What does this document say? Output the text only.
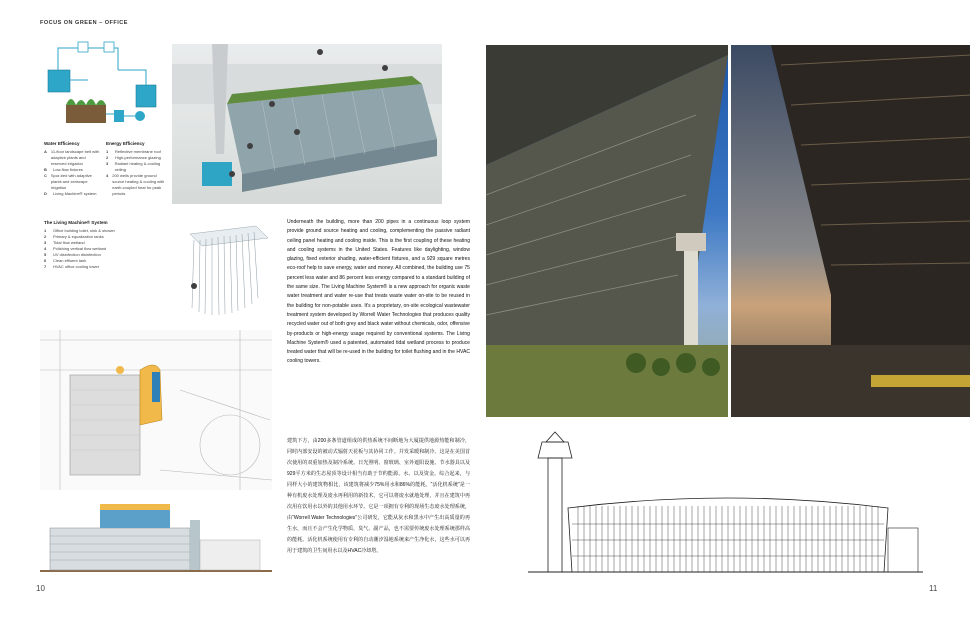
FOCUS ON GREEN – OFFICE
10	11
Water Efficiency
A 11-floor landscape belt with adaptive plants and reserved irrigation
B	Low-flow fixtures
C Spur-bed with adaptive plants and xeriscape irrigation
D	Living Machine® system
Energy Efficiency
1	Reflective membrane roof
2	High-performance glazing
3	Radiant heating & cooling ceiling
4 200 wells provide ground source heating & cooling with earth-coupled heat for peak periods
The Living Machine® System
1	Office building toilet, sink & shower
2	Primary & equalization tanks
3	Tidal flow wetland
4	Polishing vertical flow wetland
5	UV disinfection disinfection
6	Clean effluent tank
7	HVAC office cooling tower
Underneath the building, more than 200 pipes in a continuous loop system provide ground source heating and cooling, complementing the passive radiant ceiling panel heating and cooling inside. This is the first coupling of these heating and cooling systems in the United States. Features like daylighting, window glazing, fixed exterior shading, water-efficient fixtures, and a 929 square metres eco-roof help to save energy, water and money. All combined, the building use 75 percent less water and 86 percent less energy compared to a standard building of the same size. The Living Machine System® is a new approach for organic waste water treatment and water re-use that treats waste water on-site to be reused in the building for non-potable uses. It's a proprietary, on-site ecological wastewater treatment system developed by Worrell Water Technologies that produces quality recycled water out of both grey and black water without chemicals, odor, offensive by-products or high-energy usage required by conventional systems. The Living Machine System® used a patented, automated tidal wetland process to produce treated water that will be re-used in the building for toilet flushing and in the HVAC cooling towers.
建筑下方，由200多条管道组成的供热系统不间断地为大厦提供地源热能和制冷，同时内部安设的被动式辐射天花板与其协同工作。并发采暖和制冷。这是在美国首次使用的双重加热及制冷系统。日光照明、窗玻璃、室外遮阳设施、节水器具以及929平方米的生态屋顶等设计相当有助于节约能源、水、以及资金。综合起来，与同样大小的建筑物相比，该建筑将减少75%用水和86%的能耗。“活化机系统”是一种有机废水处理及废水再利用的新技术，它可以将废水就地处理，并且在建筑中再次用在饮用水以外的其他用水环节。它是一项拥有专利的现场生态废水处理系统，由“Worrell Water Technologies”公司研发，它能从灰水和黑水中产生出高质量的再生水，而且不会产生化学物质、臭气、副产品，也不需要传统废水处理系统那样高的能耗。活化机系统使用有专利的自动潮汐湿地系统来产生净化水，这些水可以再用于建筑的卫生间用水以及HVAC冷却塔。
